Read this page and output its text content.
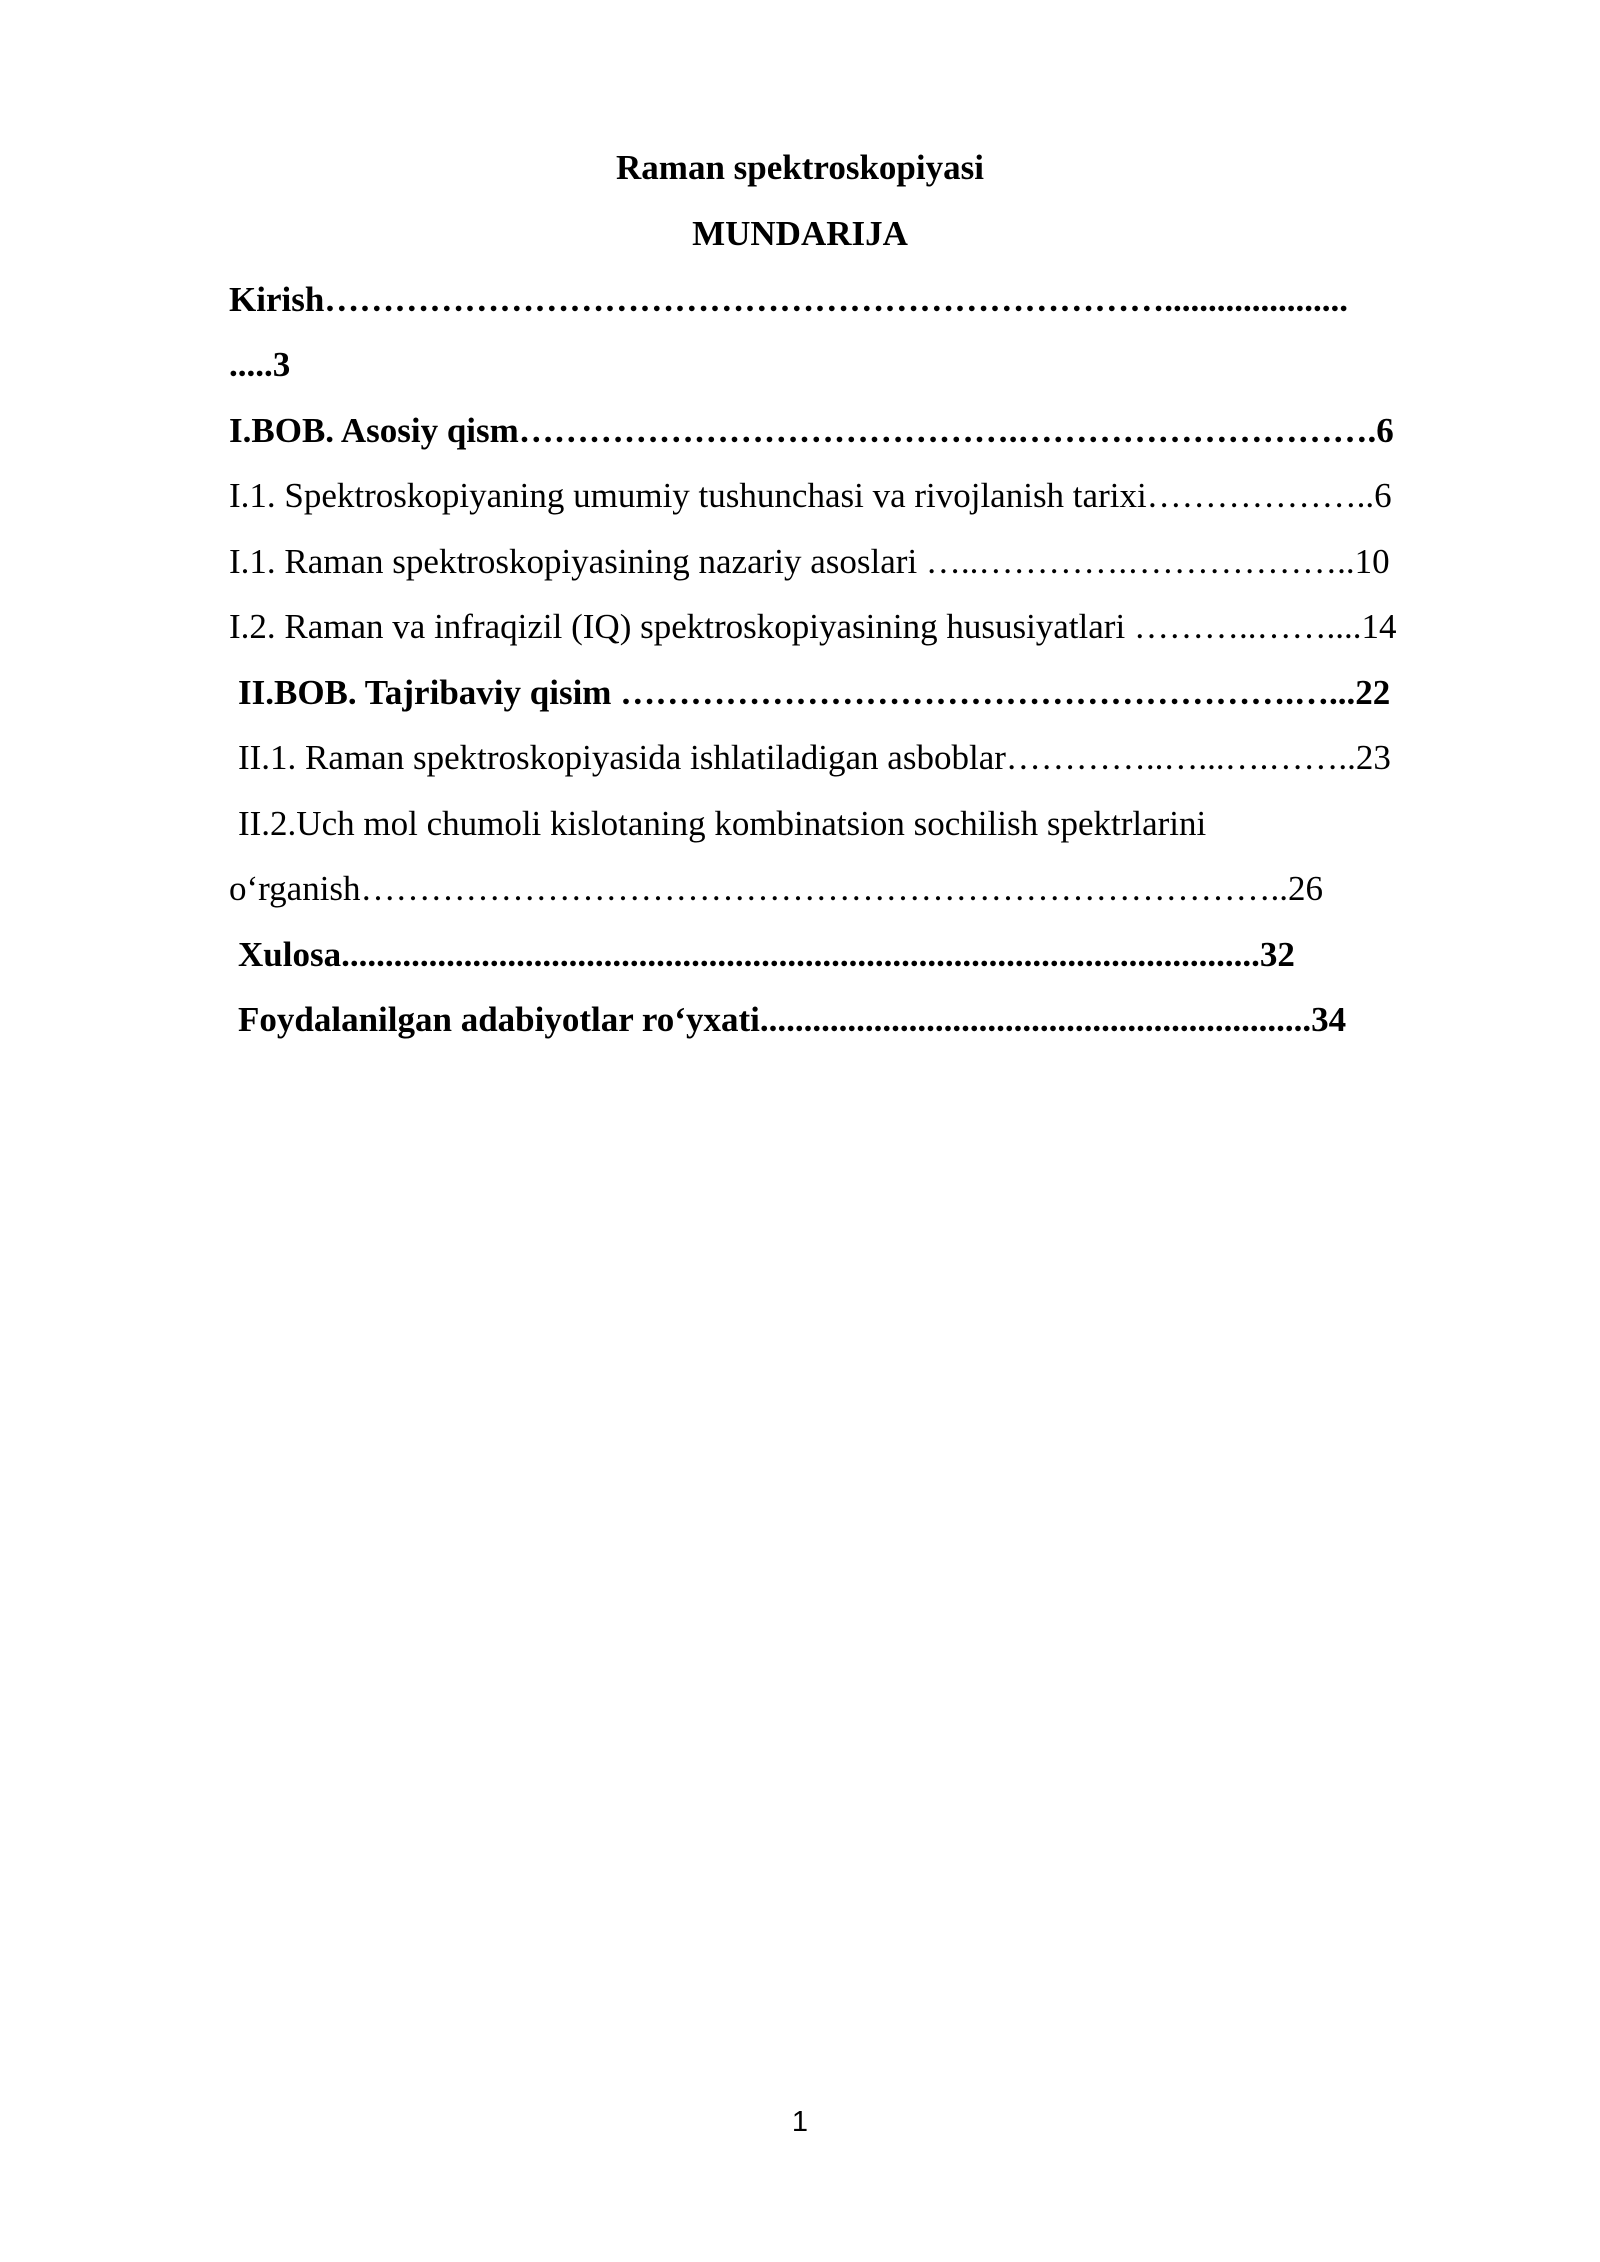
Raman spektroskopiyasi
MUNDARIJA
Kirish……………………………………………………………….....................
.....3
I.BOB. Asosiy qism…………………………………….………………………….6
I.1. Spektroskopiyaning umumiy tushunchasi va rivojlanish tarixi………………..6
I.1. Raman spektroskopiyasining nazariy asoslari …..………….………………..10
I.2. Raman va infraqizil (IQ) spektroskopiyasining hususiyatlari ………..……....14
II.BOB. Tajribaviy qisim ………………………………………………….…...22
II.1. Raman spektroskopiyasida ishlatiladigan asboblar…………..…...….……..23
II.2.Uch mol chumoli kislotaning kombinatsion sochilish spektrlarini
o‘rganish……………………………………………………………………..26
Xulosa.........................................................................................................32
Foydalanilgan adabiyotlar ro‘yxati...............................................................34
1
